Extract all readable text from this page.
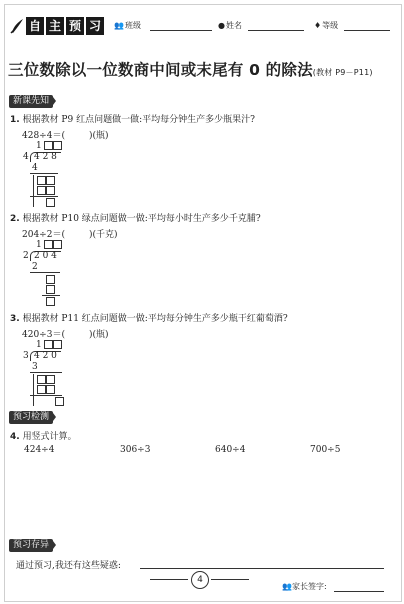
自 主 预 习	👥班级	●姓名	♦等级
三位数除以一位数商中间或末尾有 0 的除法(教材 P9－P11)
新课先知
1. 根据教材 P9 红点问题做一做:平均每分钟生产多少瓶果汁?
428÷4＝(	)(瓶)
1
4 4 2 8
4
2. 根据教材 P10 绿点问题做一做:平均每小时生产多少千克脯?
204÷2＝(	)(千克)
1
2 2 0 4
2
3. 根据教材 P11 红点问题做一做:平均每分钟生产多少瓶干红葡萄酒?
420÷3＝(	)(瓶)
1
3 4 2 0
3
预习检测
4. 用竖式计算。
424÷4	306÷3	640÷4	700÷5
预习存异
通过预习,我还有这些疑惑:
4
👥家长签字:
